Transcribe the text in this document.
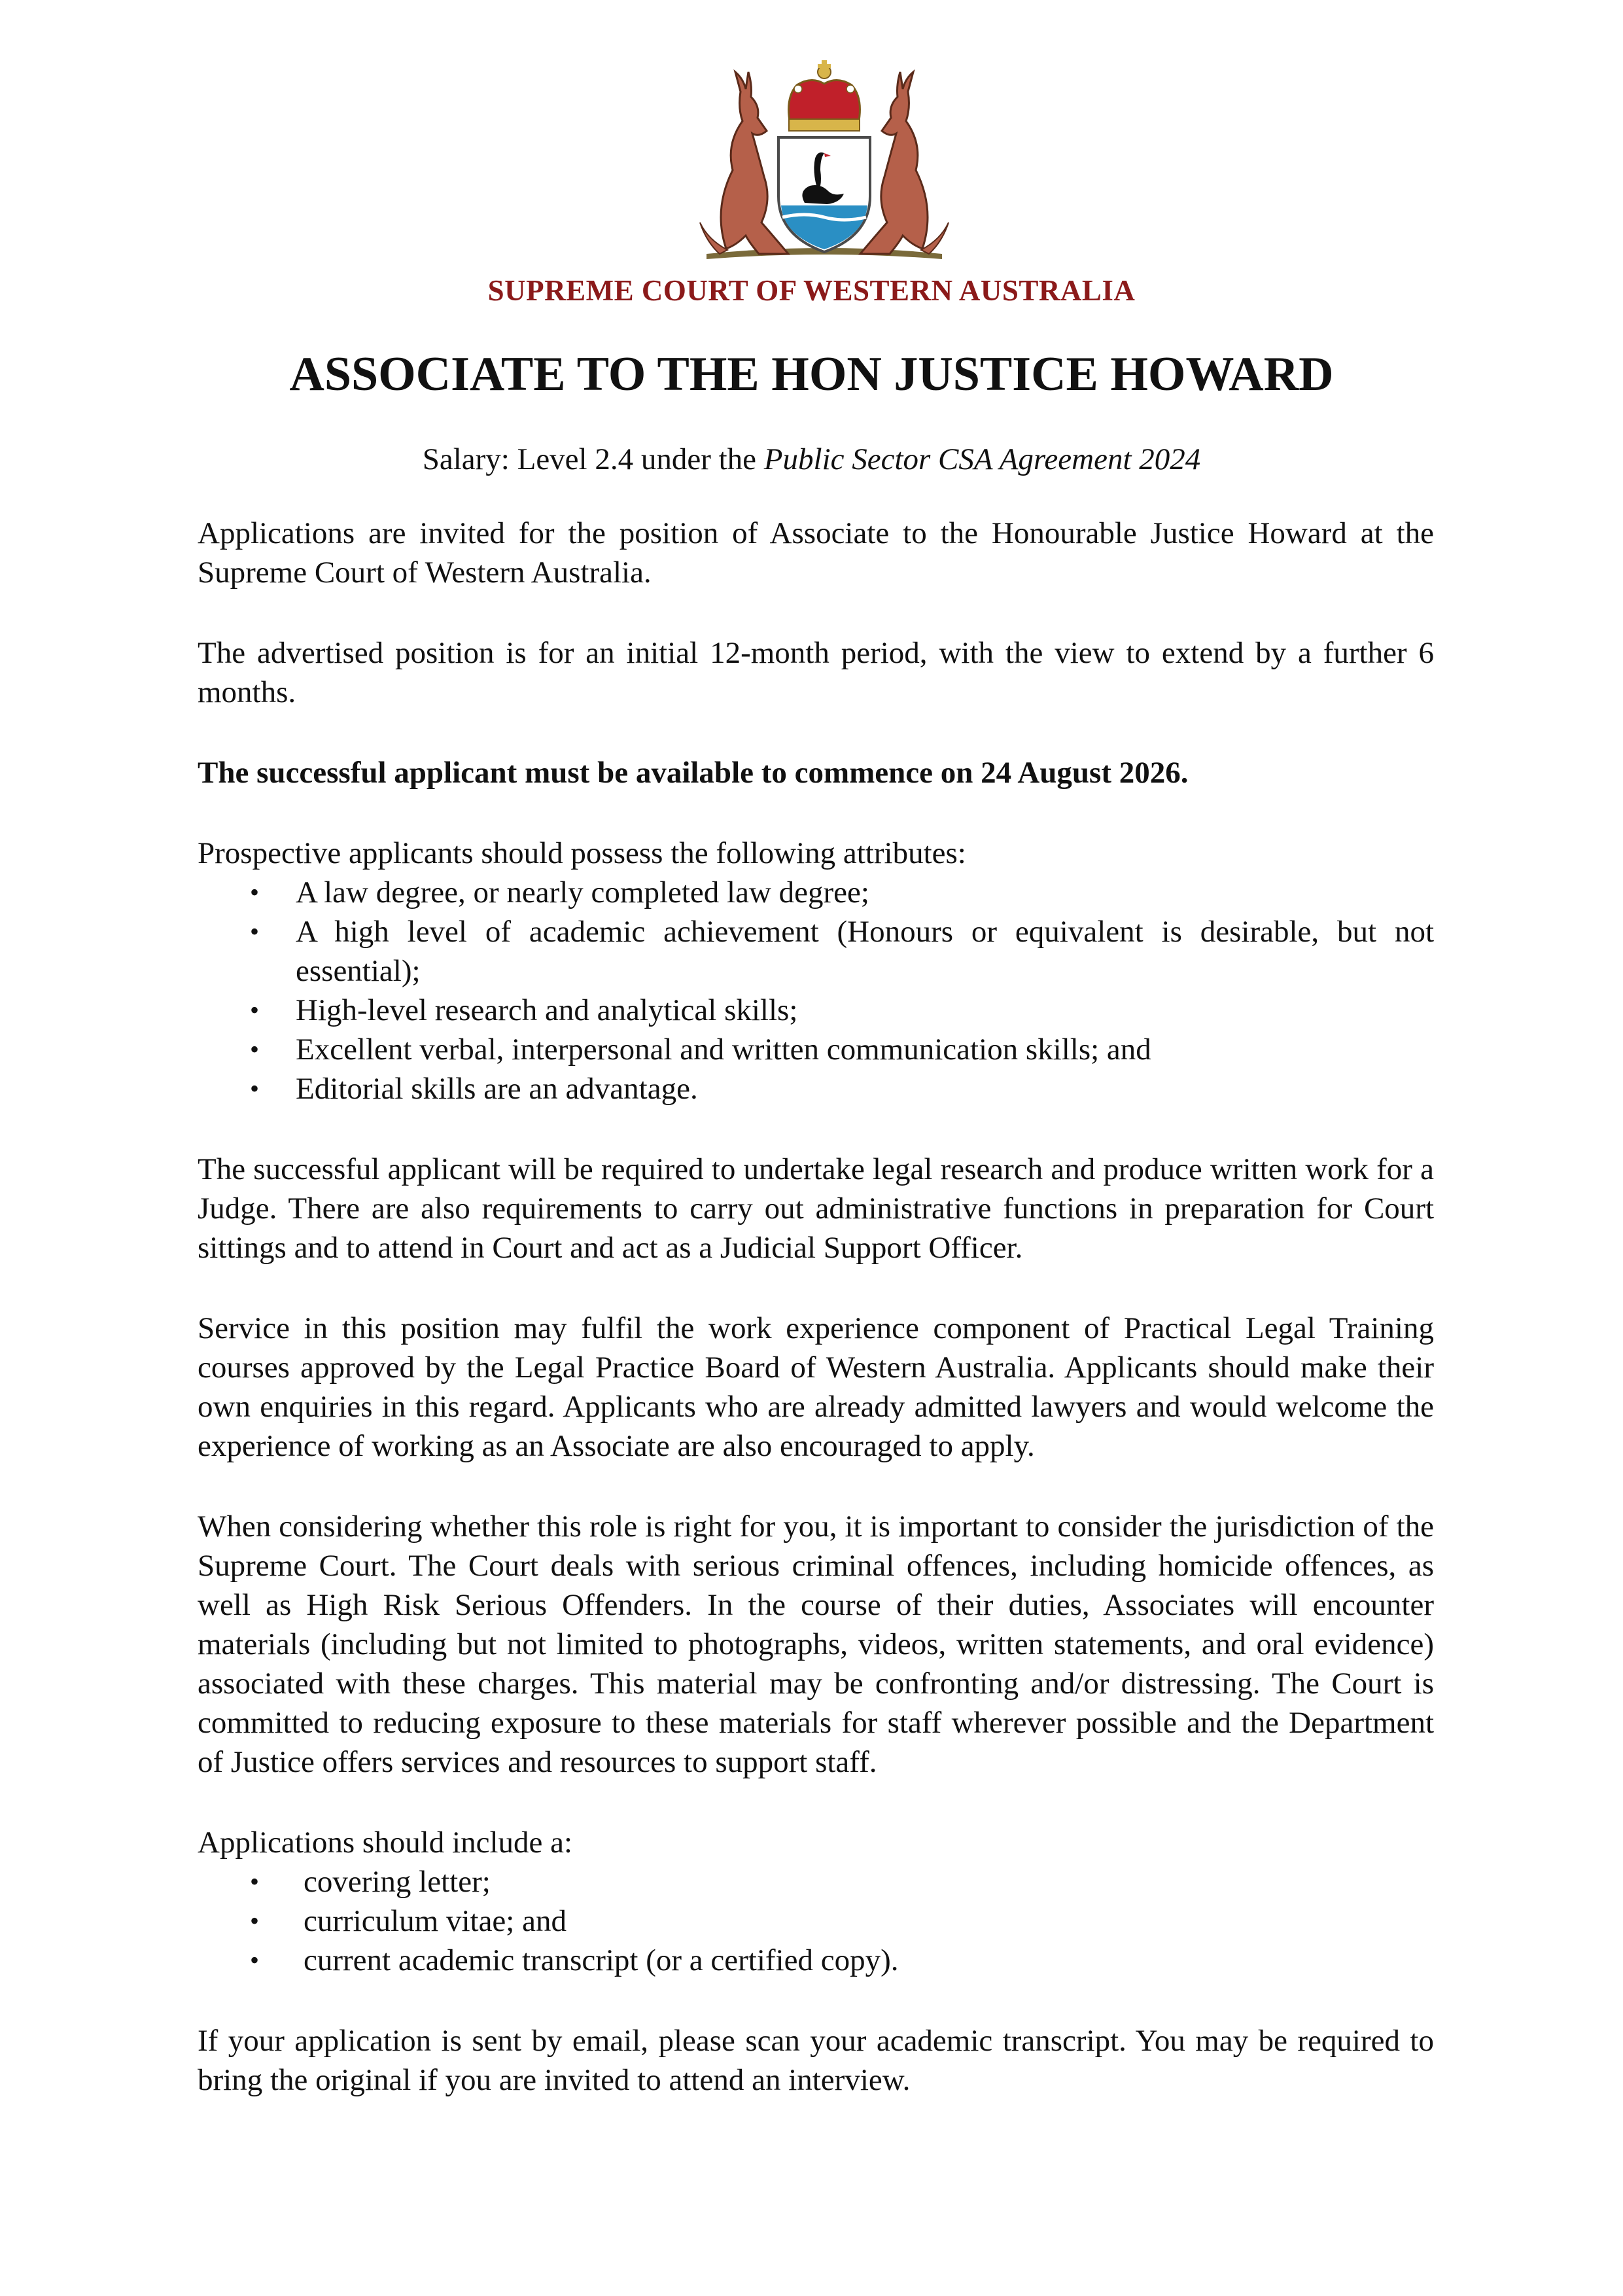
SUPREME COURT OF WESTERN AUSTRALIA
ASSOCIATE TO THE HON JUSTICE HOWARD
Salary: Level 2.4 under the Public Sector CSA Agreement 2024

Applications are invited for the position of Associate to the Honourable Justice Howard at the Supreme Court of Western Australia.

The advertised position is for an initial 12-month period, with the view to extend by a further 6 months.

The successful applicant must be available to commence on 24 August 2026.

Prospective applicants should possess the following attributes:

• A law degree, or nearly completed law degree;
• A high level of academic achievement (Honours or equivalent is desirable, but not essential);
• High-level research and analytical skills;
• Excellent verbal, interpersonal and written communication skills; and
• Editorial skills are an advantage.

The successful applicant will be required to undertake legal research and produce written work for a Judge. There are also requirements to carry out administrative functions in preparation for Court sittings and to attend in Court and act as a Judicial Support Officer.

Service in this position may fulfil the work experience component of Practical Legal Training courses approved by the Legal Practice Board of Western Australia. Applicants should make their own enquiries in this regard. Applicants who are already admitted lawyers and would welcome the experience of working as an Associate are also encouraged to apply.

When considering whether this role is right for you, it is important to consider the jurisdiction of the Supreme Court. The Court deals with serious criminal offences, including homicide offences, as well as High Risk Serious Offenders. In the course of their duties, Associates will encounter materials (including but not limited to photographs, videos, written statements, and oral evidence) associated with these charges. This material may be confronting and/or distressing. The Court is committed to reducing exposure to these materials for staff wherever possible and the Department of Justice offers services and resources to support staff.

Applications should include a:

• covering letter;
• curriculum vitae; and
• current academic transcript (or a certified copy).

If your application is sent by email, please scan your academic transcript. You may be required to bring the original if you are invited to attend an interview.
